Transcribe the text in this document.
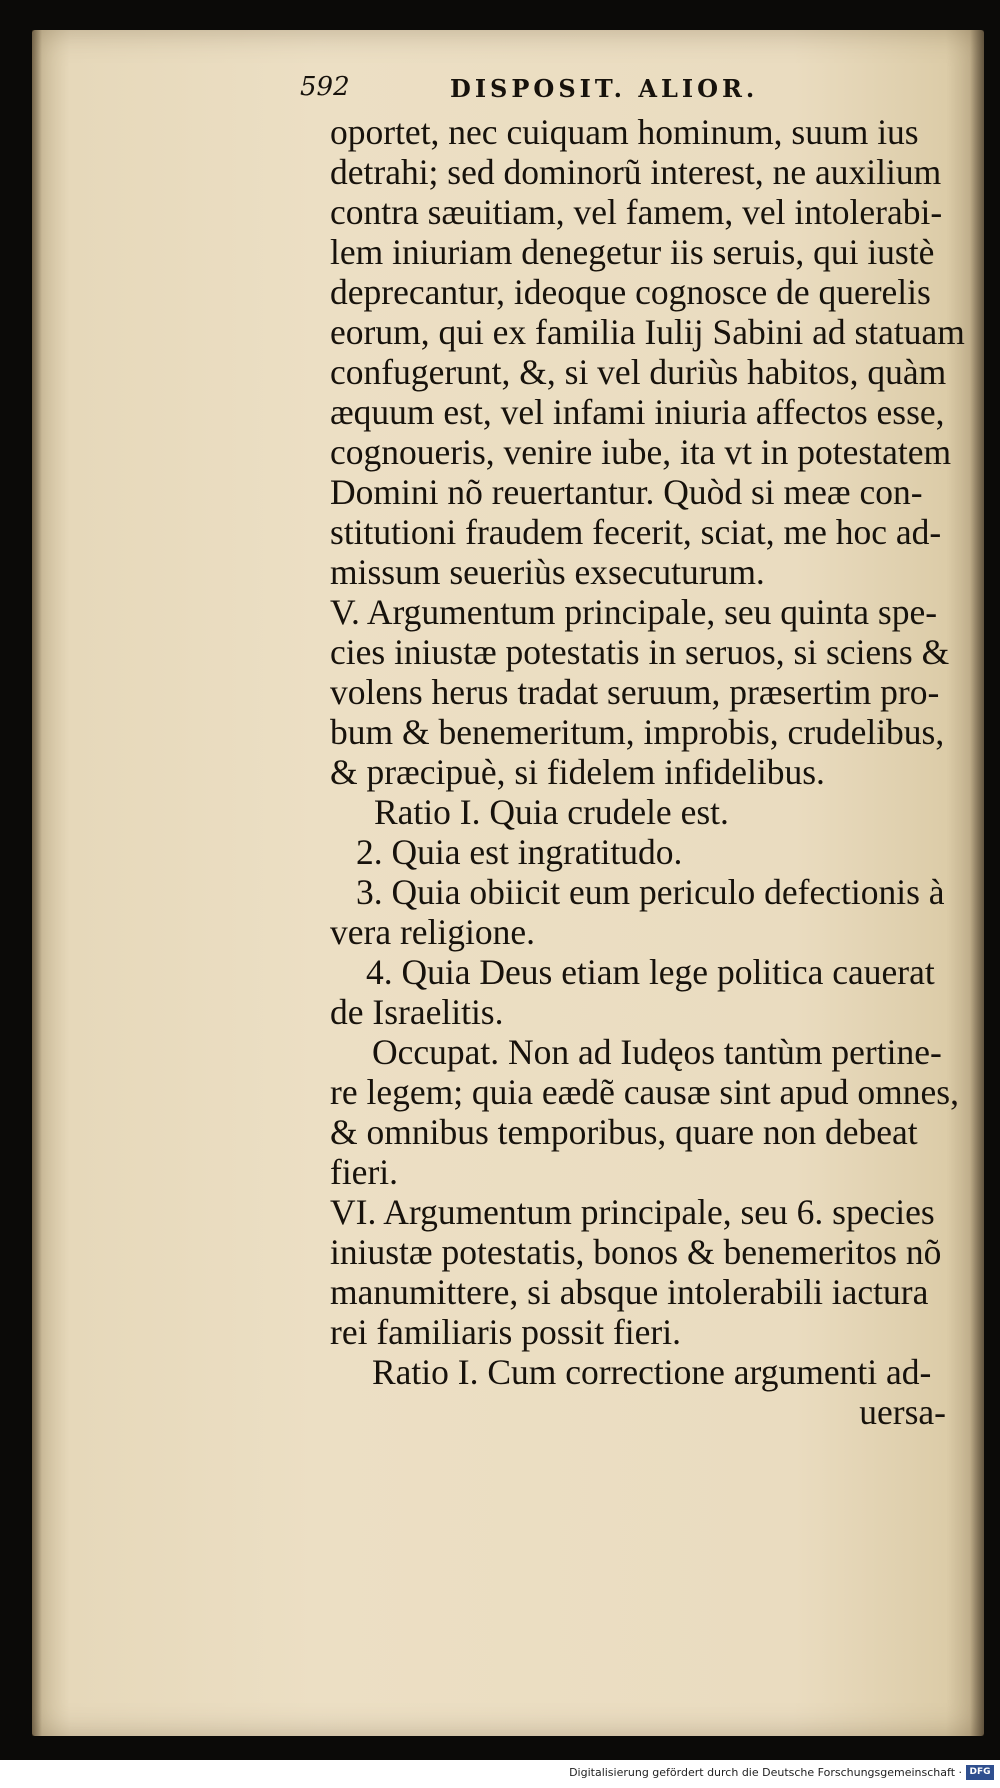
592	DISPOSIT. ALIOR.
oportet, nec cuiquam hominum, suum ius
detrahi; sed dominorũ interest, ne auxilium
contra sæuitiam, vel famem, vel intolerabi-
lem iniuriam denegetur iis seruis, qui iustè
deprecantur, ideoque cognosce de querelis
eorum, qui ex familia Iulij Sabini ad statuam
confugerunt, &, si vel duriùs habitos, quàm
æquum est, vel infami iniuria affectos esse,
cognoueris, venire iube, ita vt in potestatem
Domini nõ reuertantur. Quòd si meæ con-
stitutioni fraudem fecerit, sciat, me hoc ad-
missum seueriùs exsecuturum.
V. Argumentum principale, seu quinta spe-
cies iniustæ potestatis in seruos, si sciens &
volens herus tradat seruum, præsertim pro-
bum & benemeritum, improbis, crudelibus,
& præcipuè, si fidelem infidelibus.
Ratio I. Quia crudele est.
2. Quia est ingratitudo.
3. Quia obiicit eum periculo defectionis à
vera religione.
4. Quia Deus etiam lege politica cauerat
de Israelitis.
Occupat. Non ad Iudęos tantùm pertine-
re legem; quia eædẽ causæ sint apud omnes,
& omnibus temporibus, quare non debeat
fieri.
VI. Argumentum principale, seu 6. species
iniustæ potestatis, bonos & benemeritos nõ
manumittere, si absque intolerabili iactura
rei familiaris possit fieri.
Ratio I. Cum correctione argumenti ad-
uersa-
Digitalisierung gefördert durch die Deutsche Forschungsgemeinschaft · DFG
